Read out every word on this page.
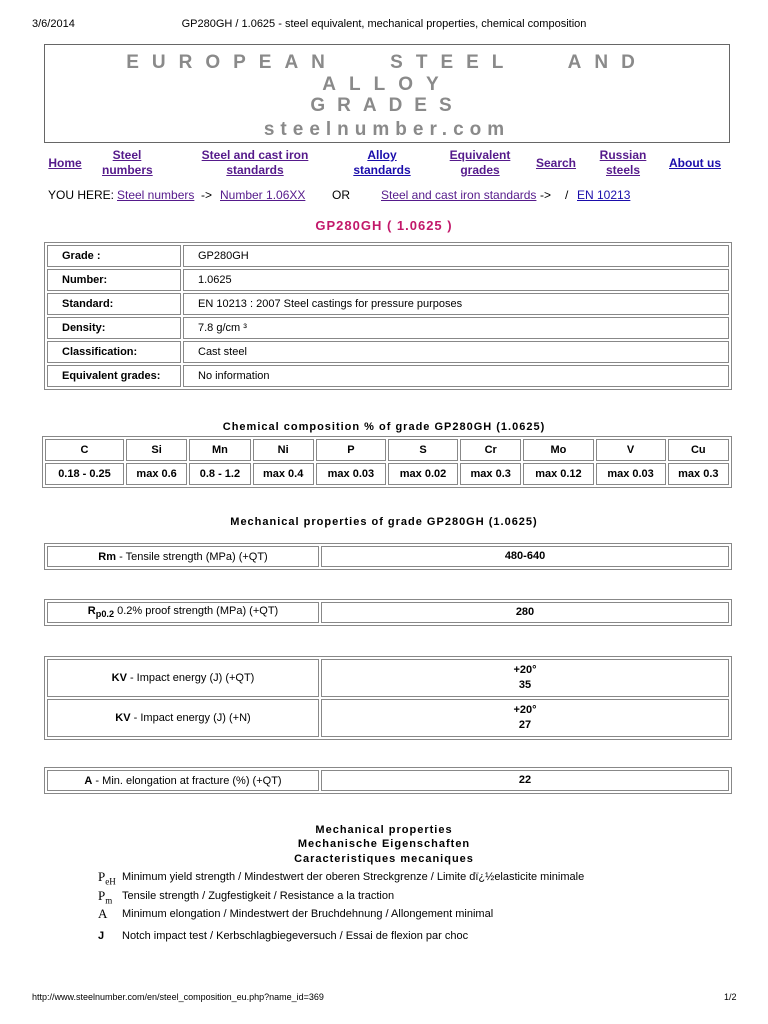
3/6/2014	GP280GH / 1.0625 - steel equivalent, mechanical properties, chemical composition
EUROPEAN STEEL AND ALLOY
GRADES
steelnumber.com
Home
Steel numbers
Steel and cast iron standards
Alloy standards
Equivalent grades	Search
Russian steels	About us
YOU HERE: Steel numbers -> Number 1.06XX OR	Steel and cast iron standards -> / EN 10213
GP280GH ( 1.0625 )
Grade :	GP280GH
Number:	1.0625
Standard:	EN 10213 : 2007 Steel castings for pressure purposes
Density:	7.8 g/cm ³
Classification:	Cast steel
Equivalent grades:	No information
Chemical composition % of grade GP280GH (1.0625)
C	Si	Mn	Ni	P	S	Cr	Mo	V	Cu
0.18 - 0.25	max 0.6	0.8 - 1.2	max 0.4	max 0.03	max 0.02	max 0.3	max 0.12	max 0.03	max 0.3
Mechanical properties of grade GP280GH (1.0625)
Rm - Tensile strength (MPa) (+QT)	480-640
$R_{p0.2}$ 0.2% proof strength (MPa) (+QT)	280
KV - Impact energy (J) (+QT)	+20°
35

KV - Impact energy (J) (+N)	+20°
27
A - Min. elongation at fracture (%) (+QT)	22
Mechanical properties
Mechanische Eigenschaften
Caracteristiques mecaniques
$P_{eH}$ Minimum yield strength / Mindestwert der oberen Streckgrenze / Limite dï¿½elasticite minimale
$P_m$ Tensile strength / Zugfestigkeit / Resistance a la traction
A Minimum elongation / Mindestwert der Bruchdehnung / Allongement minimal
J Notch impact test / Kerbschlagbiegeversuch / Essai de flexion par choc
http://www.steelnumber.com/en/steel_composition_eu.php?name_id=369	1/2
